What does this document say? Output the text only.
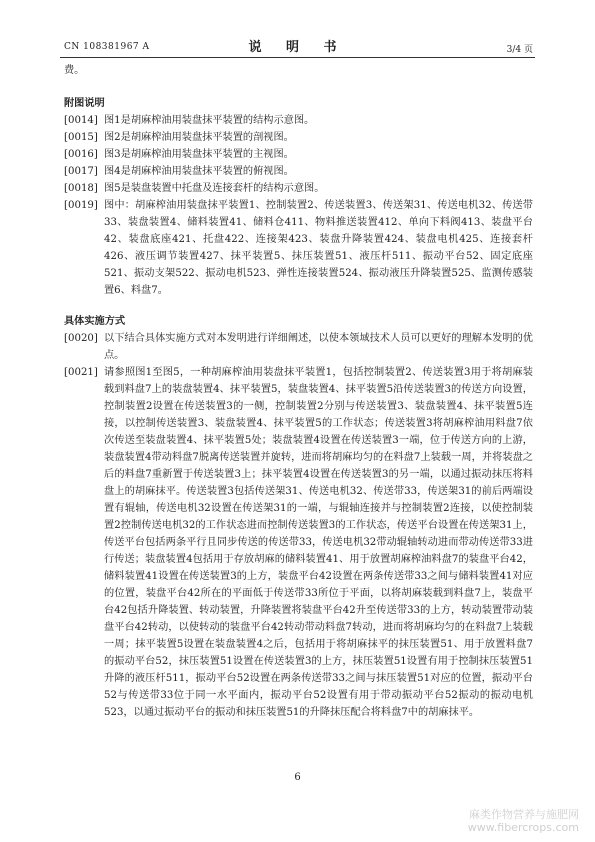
CN 108381967 A	说 明 书	3/4 页
费。
附图说明
[0014] 图1是胡麻榨油用装盘抹平装置的结构示意图。
[0015] 图2是胡麻榨油用装盘抹平装置的剖视图。
[0016] 图3是胡麻榨油用装盘抹平装置的主视图。
[0017] 图4是胡麻榨油用装盘抹平装置的俯视图。
[0018] 图5是装盘装置中托盘及连接套杆的结构示意图。
[0019] 图中：胡麻榨油用装盘抹平装置1、控制装置2、传送装置3、传送架31、传送电机32、传送带33、装盘装置4、储料装置41、储料仓411、物料推送装置412、单向下料阀413、装盘平台42、装盘底座421、托盘422、连接架423、装盘升降装置424、装盘电机425、连接套杆426、液压调节装置427、抹平装置5、抹压装置51、液压杆511、振动平台52、固定底座521、振动支架522、振动电机523、弹性连接装置524、振动液压升降装置525、监测传感装置6、料盘7。
具体实施方式
[0020] 以下结合具体实施方式对本发明进行详细阐述，以使本领域技术人员可以更好的理解本发明的优点。
[0021] 请参照图1至图5，一种胡麻榨油用装盘抹平装置1，包括控制装置2、传送装置3用于将胡麻装载到料盘7上的装盘装置4、抹平装置5，装盘装置4、抹平装置5沿传送装置3的传送方向设置，控制装置2设置在传送装置3的一侧，控制装置2分别与传送装置3、装盘装置4、抹平装置5连接，以控制传送装置3、装盘装置4、抹平装置5的工作状态；传送装置3将胡麻榨油用料盘7依次传送至装盘装置4、抹平装置5处；装盘装置4设置在传送装置3一端，位于传送方向的上游，装盘装置4带动料盘7脱离传送装置并旋转，进而将胡麻均匀的在料盘7上装载一周，并将装盘之后的料盘7重新置于传送装置3上；抹平装置4设置在传送装置3的另一端，以通过振动抹压将料盘上的胡麻抹平。传送装置3包括传送架31、传送电机32、传送带33，传送架31的前后两端设置有辊轴，传送电机32设置在传送架31的一端，与辊轴连接并与控制装置2连接，以使控制装置2控制传送电机32的工作状态进而控制传送装置3的工作状态，传送平台设置在传送架31上，传送平台包括两条平行且同步传送的传送带33，传送电机32带动辊轴转动进而带动传送带33进行传送；装盘装置4包括用于存放胡麻的储料装置41、用于放置胡麻榨油料盘7的装盘平台42，储料装置41设置在传送装置3的上方，装盘平台42设置在两条传送带33之间与储料装置41对应的位置，装盘平台42所在的平面低于传送带33所位于平面，以将胡麻装载到料盘7上，装盘平台42包括升降装置、转动装置，升降装置将装盘平台42升至传送带33的上方，转动装置带动装盘平台42转动，以使转动的装盘平台42转动带动料盘7转动，进而将胡麻均匀的在料盘7上装载一周；抹平装置5设置在装盘装置4之后，包括用于将胡麻抹平的抹压装置51、用于放置料盘7的振动平台52，抹压装置51设置在传送装置3的上方，抹压装置51设置有用于控制抹压装置51升降的液压杆511，振动平台52设置在两条传送带33之间与抹压装置51对应的位置，振动平台52与传送带33位于同一水平面内，振动平台52设置有用于带动振动平台52振动的振动电机523，以通过振动平台的振动和抹压装置51的升降抹压配合将料盘7中的胡麻抹平。
6
麻类作物营养与施肥网
www.fibercrops.com
